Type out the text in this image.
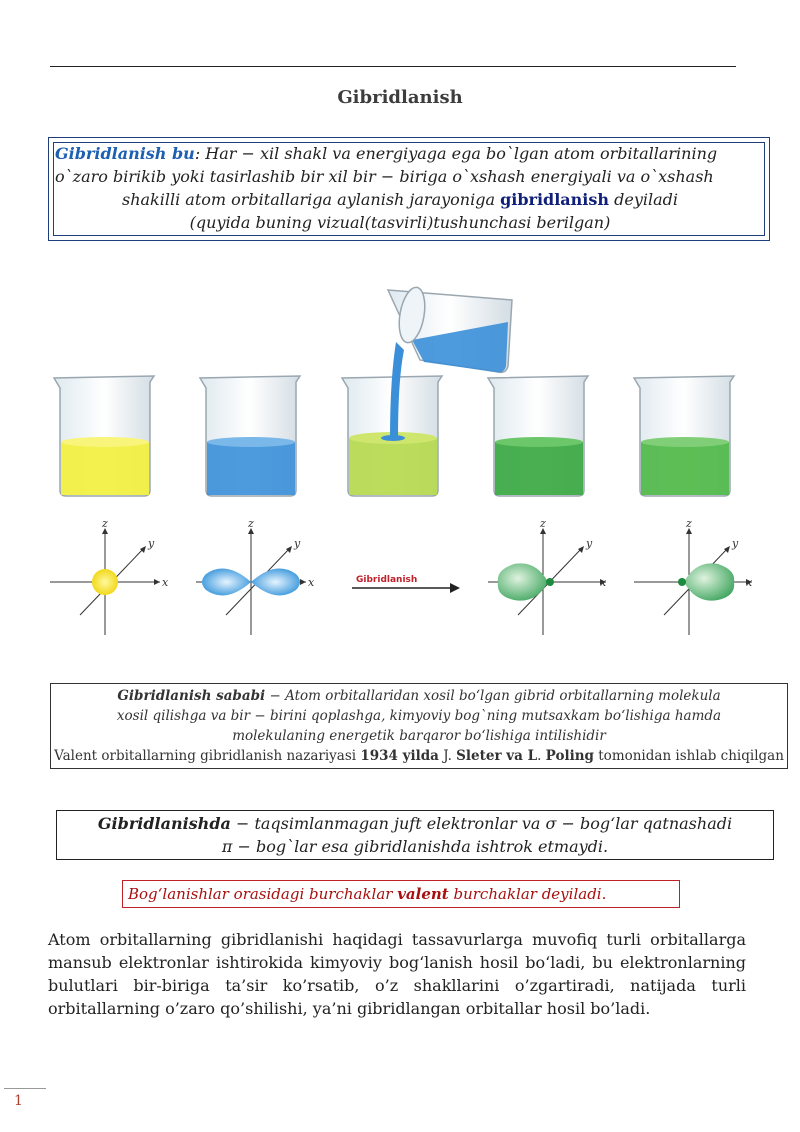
Gibridlanish
Gibridlanish bu: Har − xil shakl va energiyaga ega bo`lgan atom orbitallarining
o`zaro birikib yoki tasirlashib bir xil bir − biriga o`xshash energiyali va o`xshash
shakilli atom orbitallariga aylanish jarayoniga gibridlanish deyiladi
(quyida buning vizual(tasvirli)tushunchasi berilgan)
z
y
x
z
y
x
z
y
x
z
y
x
Gibridlanish
Gibridlanish sababi − Atom orbitallaridan xosil bo‘lgan gibrid orbitallarning molekula
xosil qilishga va bir − birini qoplashga, kimyoviy bog`ning mutsaxkam bo‘lishiga hamda
molekulaning energetik barqaror bo‘lishiga intilishidir
Valent orbitallarning gibridlanish nazariyasi 1934 yilda J. Sleter va L. Poling tomonidan ishlab chiqilgan
Gibridlanishda − taqsimlanmagan juft elektronlar va σ − bog‘lar qatnashadi
π − bog`lar esa gibridlanishda ishtrok etmaydi.
Bog‘lanishlar orasidagi burchaklar valent burchaklar deyiladi.
Atom orbitallarning gibridlanishi haqidagi tassavurlarga muvofiq turli orbitallarga mansub elektronlar ishtirokida kimyoviy bog‘lanish hosil bo‘ladi, bu elektronlarning bulutlari bir-biriga ta’sir ko’rsatib, o’z shakllarini o’zgartiradi, natijada turli orbitallarning o’zaro qo’shilishi, ya’ni gibridlangan orbitallar hosil bo’ladi.
1
